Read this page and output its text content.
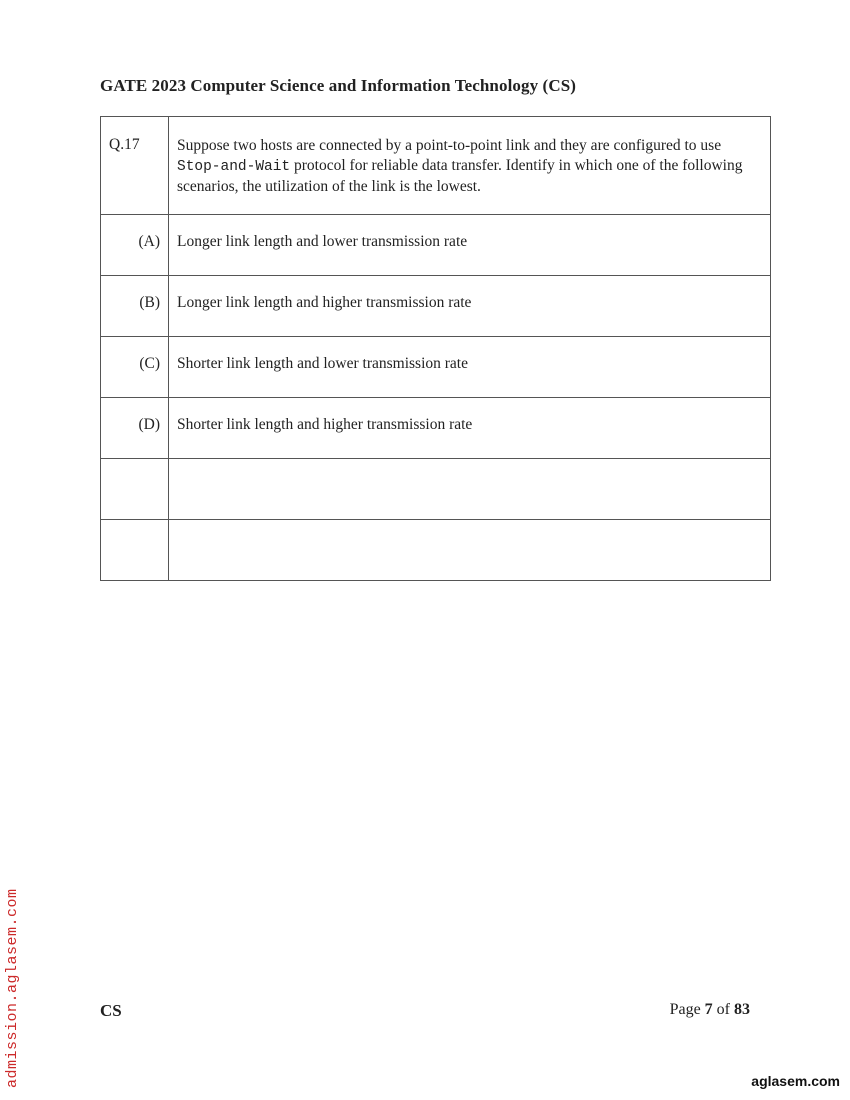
GATE 2023 Computer Science and Information Technology (CS)
Q.17	Suppose two hosts are connected by a point-to-point link and they are configured to use Stop-and-Wait protocol for reliable data transfer. Identify in which one of the following scenarios, the utilization of the link is the lowest.
(A)	Longer link length and lower transmission rate
(B)	Longer link length and higher transmission rate
(C)	Shorter link length and lower transmission rate
(D)	Shorter link length and higher transmission rate

CS	Page 7 of 83
admission.aglasem.com	aglasem.com
